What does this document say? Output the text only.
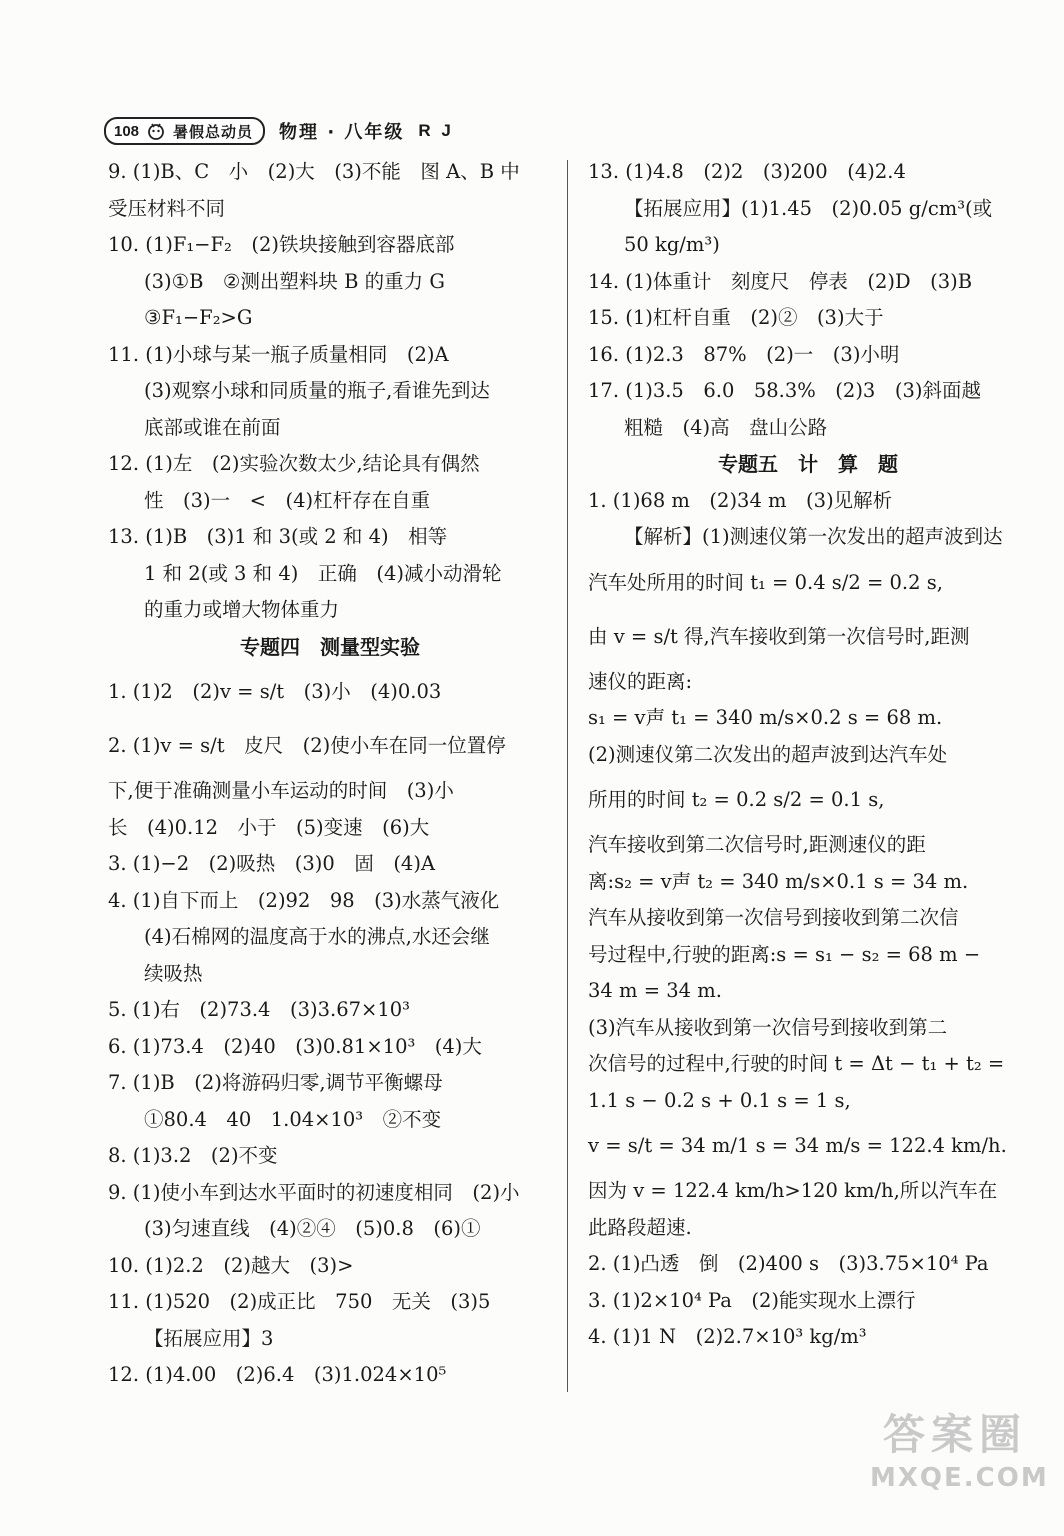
108 暑假总动员 物理 · 八年级 R J
9. (1)B、C　小　(2)大　(3)不能　图 A、B 中
受压材料不同
10. (1)F₁−F₂　(2)铁块接触到容器底部
(3)①B　②测出塑料块 B 的重力 G
③F₁−F₂>G
11. (1)小球与某一瓶子质量相同　(2)A
(3)观察小球和同质量的瓶子,看谁先到达
底部或谁在前面
12. (1)左　(2)实验次数太少,结论具有偶然
性　(3)一　<　(4)杠杆存在自重
13. (1)B　(3)1 和 3(或 2 和 4)　相等
1 和 2(或 3 和 4)　正确　(4)减小动滑轮
的重力或增大物体重力
专题四　测量型实验
1. (1)2　(2)v = s/t　(3)小　(4)0.03
2. (1)v = s/t　皮尺　(2)使小车在同一位置停
下,便于准确测量小车运动的时间　(3)小
长　(4)0.12　小于　(5)变速　(6)大
3. (1)−2　(2)吸热　(3)0　固　(4)A
4. (1)自下而上　(2)92　98　(3)水蒸气液化
(4)石棉网的温度高于水的沸点,水还会继
续吸热
5. (1)右　(2)73.4　(3)3.67×10³
6. (1)73.4　(2)40　(3)0.81×10³　(4)大
7. (1)B　(2)将游码归零,调节平衡螺母
①80.4　40　1.04×10³　②不变
8. (1)3.2　(2)不变
9. (1)使小车到达水平面时的初速度相同　(2)小
(3)匀速直线　(4)②④　(5)0.8　(6)①
10. (1)2.2　(2)越大　(3)>
11. (1)520　(2)成正比　750　无关　(3)5
【拓展应用】3
12. (1)4.00　(2)6.4　(3)1.024×10⁵
13. (1)4.8　(2)2　(3)200　(4)2.4
【拓展应用】(1)1.45　(2)0.05 g/cm³(或
50 kg/m³)
14. (1)体重计　刻度尺　停表　(2)D　(3)B
15. (1)杠杆自重　(2)②　(3)大于
16. (1)2.3　87%　(2)一　(3)小明
17. (1)3.5　6.0　58.3%　(2)3　(3)斜面越
粗糙　(4)高　盘山公路
专题五　计　算　题
1. (1)68 m　(2)34 m　(3)见解析
【解析】(1)测速仪第一次发出的超声波到达
汽车处所用的时间 t₁ = 0.4 s/2 = 0.2 s,
由 v = s/t 得,汽车接收到第一次信号时,距测
速仪的距离:
s₁ = v声 t₁ = 340 m/s×0.2 s = 68 m.
(2)测速仪第二次发出的超声波到达汽车处
所用的时间 t₂ = 0.2 s/2 = 0.1 s,
汽车接收到第二次信号时,距测速仪的距
离:s₂ = v声 t₂ = 340 m/s×0.1 s = 34 m.
汽车从接收到第一次信号到接收到第二次信
号过程中,行驶的距离:s = s₁ − s₂ = 68 m −
34 m = 34 m.
(3)汽车从接收到第一次信号到接收到第二
次信号的过程中,行驶的时间 t = Δt − t₁ + t₂ =
1.1 s − 0.2 s + 0.1 s = 1 s,
v = s/t = 34 m/1 s = 34 m/s = 122.4 km/h.
因为 v = 122.4 km/h>120 km/h,所以汽车在
此路段超速.
2. (1)凸透　倒　(2)400 s　(3)3.75×10⁴ Pa
3. (1)2×10⁴ Pa　(2)能实现水上漂行
4. (1)1 N　(2)2.7×10³ kg/m³
答案圈
MXQE.COM
